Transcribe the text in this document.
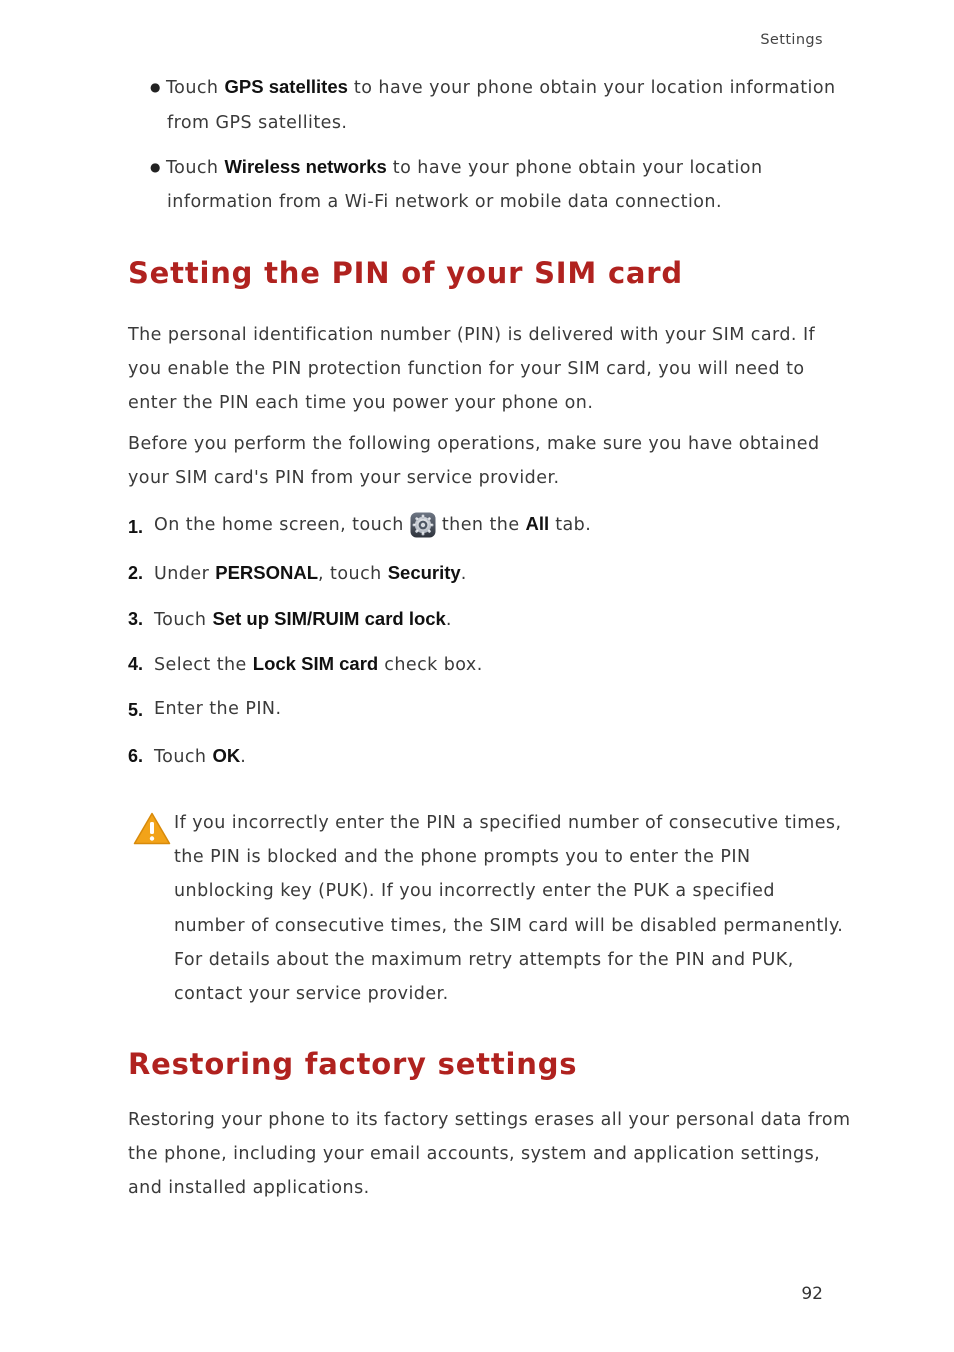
Settings
● Touch GPS satellites to have your phone obtain your location information
from GPS satellites.
● Touch Wireless networks to have your phone obtain your location
information from a Wi-Fi network or mobile data connection.
Setting the PIN of your SIM card
The personal identification number (PIN) is delivered with your SIM card. If
you enable the PIN protection function for your SIM card, you will need to
enter the PIN each time you power your phone on.
Before you perform the following operations, make sure you have obtained
your SIM card's PIN from your service provider.
1. On the home screen, touch  then the All tab.
2. Under PERSONAL, touch Security.
3. Touch Set up SIM/RUIM card lock.
4. Select the Lock SIM card check box.
5. Enter the PIN.
6. Touch OK.
If you incorrectly enter the PIN a specified number of consecutive times,
the PIN is blocked and the phone prompts you to enter the PIN
unblocking key (PUK). If you incorrectly enter the PUK a specified
number of consecutive times, the SIM card will be disabled permanently.
For details about the maximum retry attempts for the PIN and PUK,
contact your service provider.
Restoring factory settings
Restoring your phone to its factory settings erases all your personal data from
the phone, including your email accounts, system and application settings,
and installed applications.
92
